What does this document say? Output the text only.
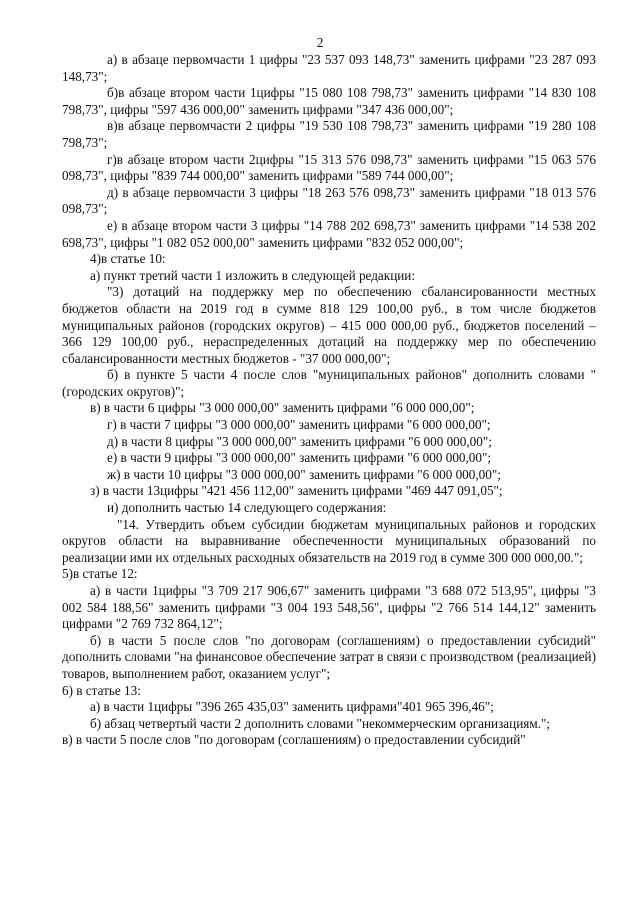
2

а) в абзаце первомчасти 1 цифры "23 537 093 148,73" заменить цифрами "23 287 093 148,73";

б)в абзаце втором части 1цифры "15 080 108 798,73" заменить цифрами "14 830 108 798,73", цифры "597 436 000,00" заменить цифрами "347 436 000,00";

в)в абзаце первомчасти 2 цифры "19 530 108 798,73" заменить цифрами "19 280 108 798,73";

г)в абзаце втором части 2цифры "15 313 576 098,73" заменить цифрами "15 063 576 098,73", цифры "839 744 000,00" заменить цифрами "589 744 000,00";

д) в абзаце первомчасти 3 цифры "18 263 576 098,73" заменить цифрами "18 013 576 098,73";

е) в абзаце втором части 3 цифры "14 788 202 698,73" заменить цифрами "14 538 202 698,73", цифры "1 082 052 000,00" заменить цифрами "832 052 000,00";

4)в статье 10:

а) пункт третий части 1 изложить в следующей редакции:

"3) дотаций на поддержку мер по обеспечению сбалансированности местных бюджетов области на 2019 год в сумме 818 129 100,00 руб., в том числе бюджетов муниципальных районов (городских округов) – 415 000 000,00 руб., бюджетов поселений – 366 129 100,00 руб., нераспределенных дотаций на поддержку мер по обеспечению сбалансированности местных бюджетов - "37 000 000,00";

б) в пункте 5 части 4 после слов "муниципальных районов" дополнить словами "(городских округов)";

в) в части 6 цифры "3 000 000,00" заменить цифрами "6 000 000,00";

г) в части 7 цифры "3 000 000,00" заменить цифрами "6 000 000,00";

д) в части 8 цифры "3 000 000,00" заменить цифрами "6 000 000,00";

е) в части 9 цифры "3 000 000,00" заменить цифрами "6 000 000,00";

ж) в части 10 цифры "3 000 000,00" заменить цифрами "6 000 000,00";

з) в части 13цифры "421 456 112,00" заменить цифрами "469 447 091,05";

и) дополнить частью 14 следующего содержания:

"14. Утвердить объем субсидии бюджетам муниципальных районов и городских округов области на выравнивание обеспеченности муниципальных образований по реализации ими их отдельных расходных обязательств на 2019 год в сумме 300 000 000,00.";

5)в статье 12:

а) в части 1цифры "3 709 217 906,67" заменить цифрами "3 688 072 513,95", цифры "3 002 584 188,56" заменить цифрами "3 004 193 548,56", цифры "2 766 514 144,12" заменить цифрами "2 769 732 864,12";

б) в части 5 после слов "по договорам (соглашениям) о предоставлении субсидий" дополнить словами "на финансовое обеспечение затрат в связи с производством (реализацией) товаров, выполнением работ, оказанием услуг";

6) в статье 13:

а) в части 1цифры "396 265 435,03" заменить цифрами"401 965 396,46";

б) абзац четвертый части 2 дополнить словами "некоммерческим организациям.";

в) в части 5 после слов "по договорам (соглашениям) о предоставлении субсидий"
